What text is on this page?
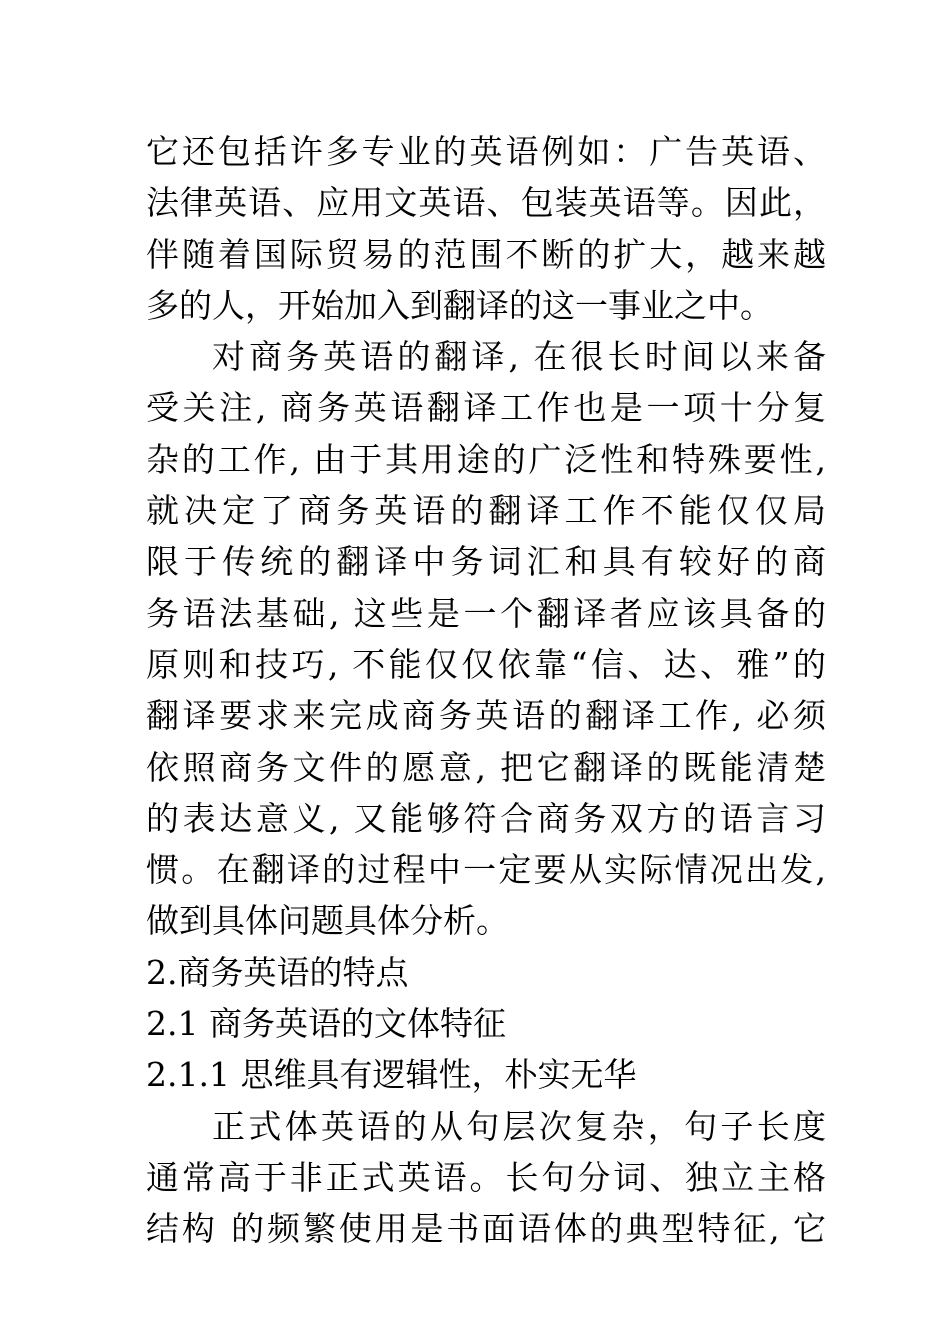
它还包括许多专业的英语例如：广告英语、
法律英语、应用文英语、包装英语等。因此，
伴随着国际贸易的范围不断的扩大，越来越
多的人，开始加入到翻译的这一事业之中。
对商务英语的翻译, 在很长时间以来备
受关注, 商务英语翻译工作也是一项十分复
杂的工作, 由于其用途的广泛性和特殊要性,
就决定了商务英语的翻译工作不能仅仅局
限于传统的翻译中务词汇和具有较好的商
务语法基础, 这些是一个翻译者应该具备的
原则和技巧, 不能仅仅依靠“信、达、雅”的
翻译要求来完成商务英语的翻译工作, 必须
依照商务文件的愿意, 把它翻译的既能清楚
的表达意义, 又能够符合商务双方的语言习
惯。在翻译的过程中一定要从实际情况出发,
做到具体问题具体分析。
2.商务英语的特点
2.1 商务英语的文体特征
2.1.1 思维具有逻辑性，朴实无华
正式体英语的从句层次复杂，句子长度
通常高于非正式英语。长句分词、独立主格
结构 的频繁使用是书面语体的典型特征, 它
